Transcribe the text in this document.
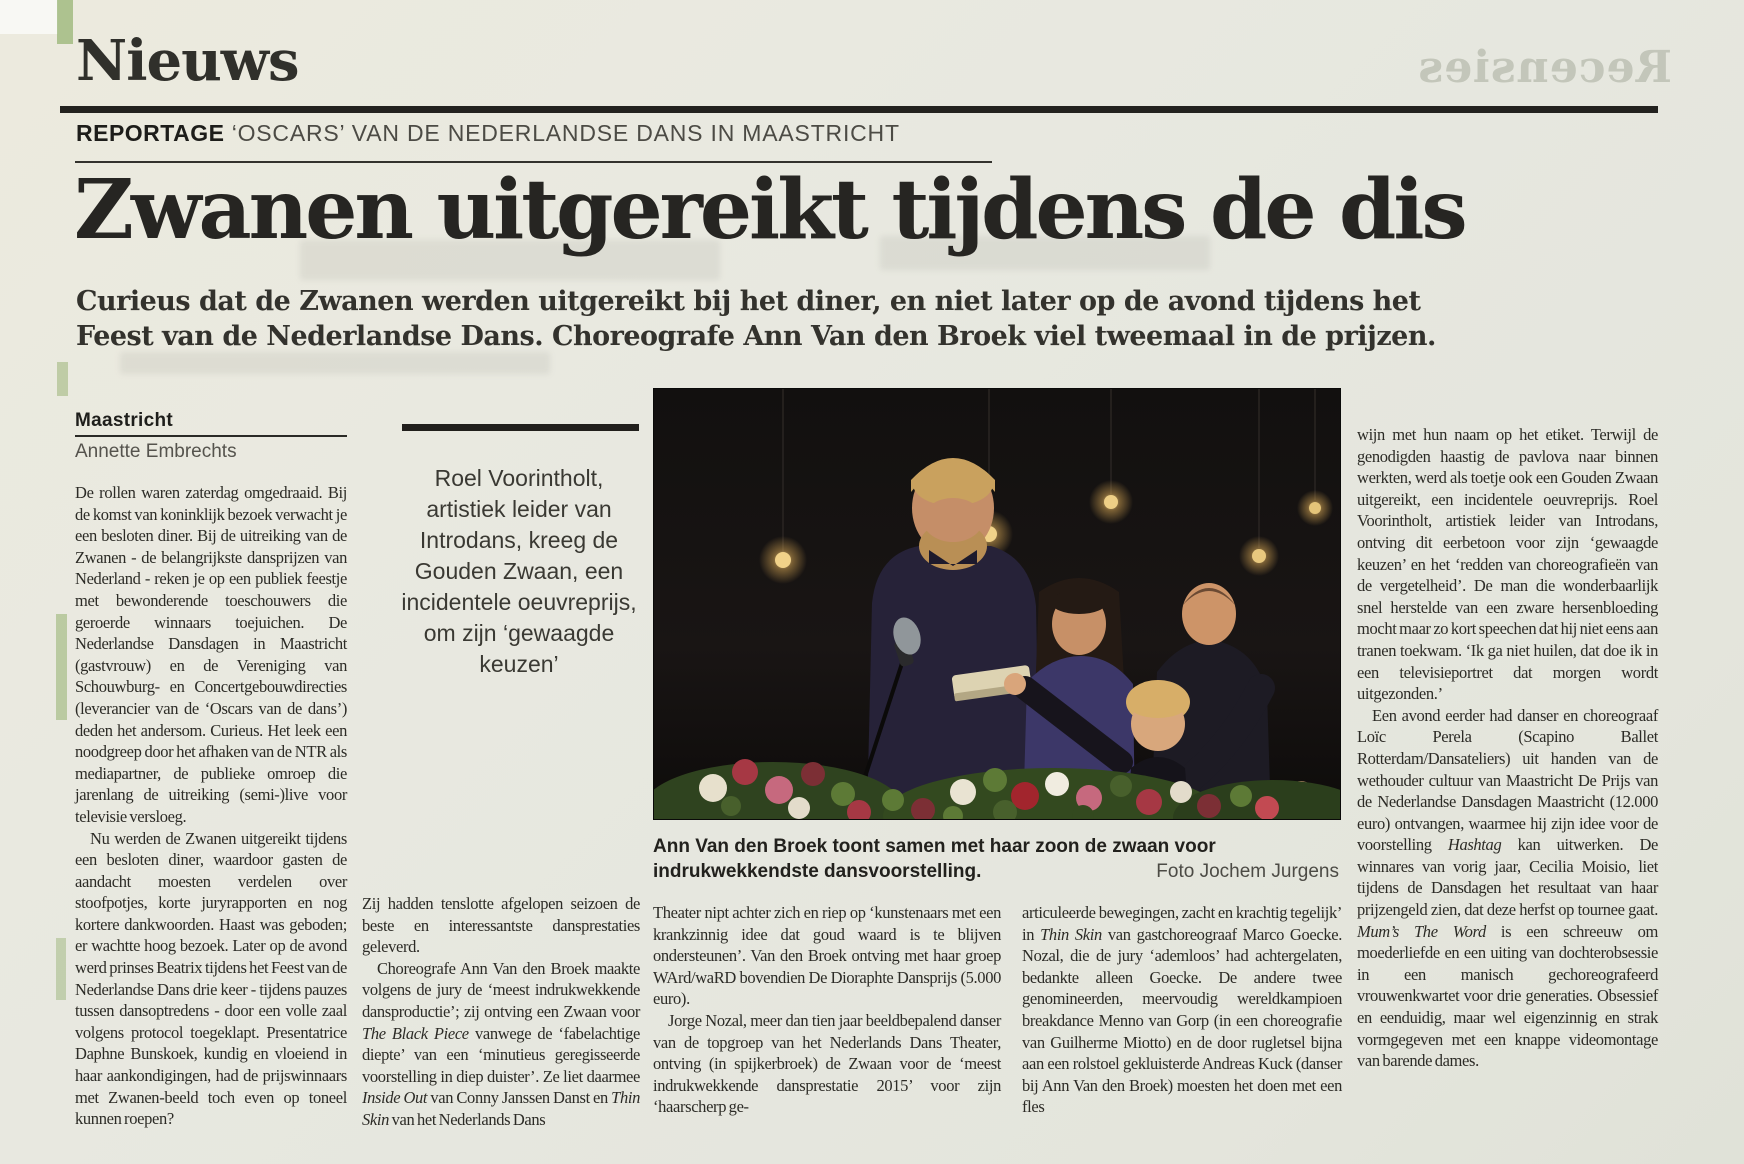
Recensies
Nieuws
REPORTAGE ‘OSCARS’ VAN DE NEDERLANDSE DANS IN MAASTRICHT
Zwanen uitgereikt tijdens de dis
Curieus dat de Zwanen werden uitgereikt bij het diner, en niet later op de avond tijdens het
Feest van de Nederlandse Dans. Choreografe Ann Van den Broek viel tweemaal in de prijzen.
Maastricht
Annette Embrechts

De rollen waren zaterdag omgedraaid. Bij de komst van koninklijk bezoek verwacht je een besloten diner. Bij de uitreiking van de Zwanen - de belangrijkste dansprijzen van Nederland - reken je op een publiek feestje met bewonderende toeschouwers die geroerde winnaars toejuichen. De Nederlandse Dansdagen in Maastricht (gastvrouw) en de Vereniging van Schouwburg- en Concertgebouwdirecties (leverancier van de ‘Oscars van de dans’) deden het andersom. Curieus. Het leek een noodgreep door het afhaken van de NTR als mediapartner, de publieke omroep die jarenlang de uitreiking (semi-)live voor televisie versloeg.

Nu werden de Zwanen uitgereikt tijdens een besloten diner, waardoor gasten de aandacht moesten verdelen over stoofpotjes, korte juryrapporten en nog kortere dankwoorden. Haast was geboden; er wachtte hoog bezoek. Later op de avond werd prinses Beatrix tijdens het Feest van de Nederlandse Dans drie keer - tijdens pauzes tussen dansoptredens - door een volle zaal volgens protocol toegeklapt. Presentatrice Daphne Bunskoek, kundig en vloeiend in haar aankondigingen, had de prijswinnaars met Zwanen-beeld toch even op toneel kunnen roepen?

Roel Voorintholt, artistiek leider van Introdans, kreeg de Gouden Zwaan, een incidentele oeuvreprijs, om zijn ‘gewaagde keuzen’

Zij hadden tenslotte afgelopen seizoen de beste en interessantste dansprestaties geleverd.

Choreografe Ann Van den Broek maakte volgens de jury de ‘meest indrukwekkende dansproductie’; zij ontving een Zwaan voor The Black Piece vanwege de ‘fabelachtige diepte’ van een ‘minutieus geregisseerde voorstelling in diep duister’. Ze liet daarmee Inside Out van Conny Janssen Danst en Thin Skin van het Nederlands Dans

Ann Van den Broek toont samen met haar zoon de zwaan voor indrukwekkendste dansvoorstelling.	Foto Jochem Jurgens

Theater nipt achter zich en riep op ‘kunstenaars met een krankzinnig idee dat goud waard is te blijven ondersteunen’. Van den Broek ontving met haar groep WArd/waRD bovendien De Dioraphte Dansprijs (5.000 euro).

Jorge Nozal, meer dan tien jaar beeldbepalend danser van de topgroep van het Nederlands Dans Theater, ontving (in spijkerbroek) de Zwaan voor de ‘meest indrukwekkende dansprestatie 2015’ voor zijn ‘haarscherp ge-

articuleerde bewegingen, zacht en krachtig tegelijk’ in Thin Skin van gastchoreograaf Marco Goecke. Nozal, die de jury ‘ademloos’ had achtergelaten, bedankte alleen Goecke. De andere twee genomineerden, meervoudig wereldkampioen breakdance Menno van Gorp (in een choreografie van Guilherme Miotto) en de door rugletsel bijna aan een rolstoel gekluisterde Andreas Kuck (danser bij Ann Van den Broek) moesten het doen met een fles

wijn met hun naam op het etiket. Terwijl de genodigden haastig de pavlova naar binnen werkten, werd als toetje ook een Gouden Zwaan uitgereikt, een incidentele oeuvreprijs. Roel Voorintholt, artistiek leider van Introdans, ontving dit eerbetoon voor zijn ‘gewaagde keuzen’ en het ‘redden van choreografieën van de vergetelheid’. De man die wonderbaarlijk snel herstelde van een zware hersenbloeding mocht maar zo kort speechen dat hij niet eens aan tranen toekwam. ‘Ik ga niet huilen, dat doe ik in een televisieportret dat morgen wordt uitgezonden.’

Een avond eerder had danser en choreograaf Loïc Perela (Scapino Ballet Rotterdam/Dansateliers) uit handen van de wethouder cultuur van Maastricht De Prijs van de Nederlandse Dansdagen Maastricht (12.000 euro) ontvangen, waarmee hij zijn idee voor de voorstelling Hashtag kan uitwerken. De winnares van vorig jaar, Cecilia Moisio, liet tijdens de Dansdagen het resultaat van haar prijzengeld zien, dat deze herfst op tournee gaat. Mum’s The Word is een schreeuw om moederliefde en een uiting van dochterobsessie in een manisch gechoreografeerd vrouwenkwartet voor drie generaties. Obsessief en eenduidig, maar wel eigenzinnig en strak vormgegeven met een knappe videomontage van barende dames.
